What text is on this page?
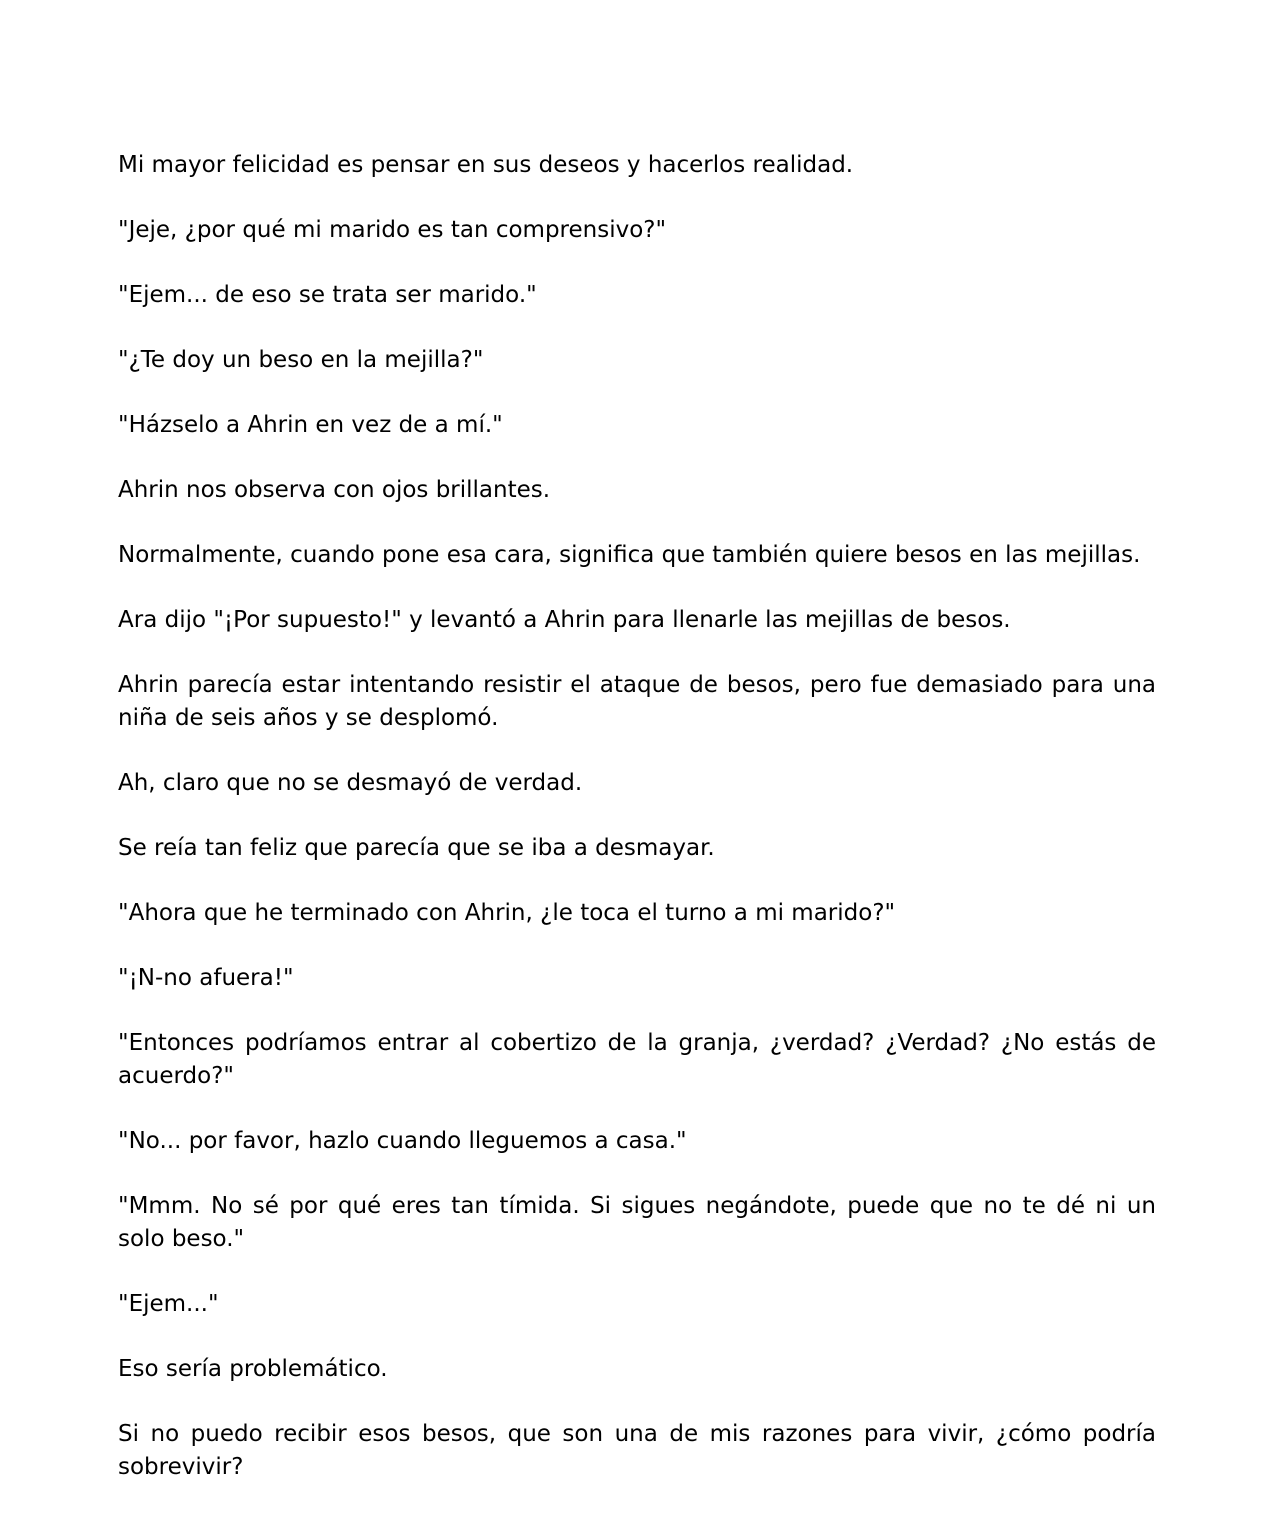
Mi mayor felicidad es pensar en sus deseos y hacerlos realidad.

"Jeje, ¿por qué mi marido es tan comprensivo?"

"Ejem... de eso se trata ser marido."

"¿Te doy un beso en la mejilla?"

"Házselo a Ahrin en vez de a mí."

Ahrin nos observa con ojos brillantes.

Normalmente, cuando pone esa cara, significa que también quiere besos en las mejillas.

Ara dijo "¡Por supuesto!" y levantó a Ahrin para llenarle las mejillas de besos.

Ahrin parecía estar intentando resistir el ataque de besos, pero fue demasiado para una niña de seis años y se desplomó.

Ah, claro que no se desmayó de verdad.

Se reía tan feliz que parecía que se iba a desmayar.

"Ahora que he terminado con Ahrin, ¿le toca el turno a mi marido?"

"¡N-no afuera!"

"Entonces podríamos entrar al cobertizo de la granja, ¿verdad? ¿Verdad? ¿No estás de acuerdo?"

"No... por favor, hazlo cuando lleguemos a casa."

"Mmm. No sé por qué eres tan tímida. Si sigues negándote, puede que no te dé ni un solo beso."

"Ejem..."

Eso sería problemático.

Si no puedo recibir esos besos, que son una de mis razones para vivir, ¿cómo podría sobrevivir?
